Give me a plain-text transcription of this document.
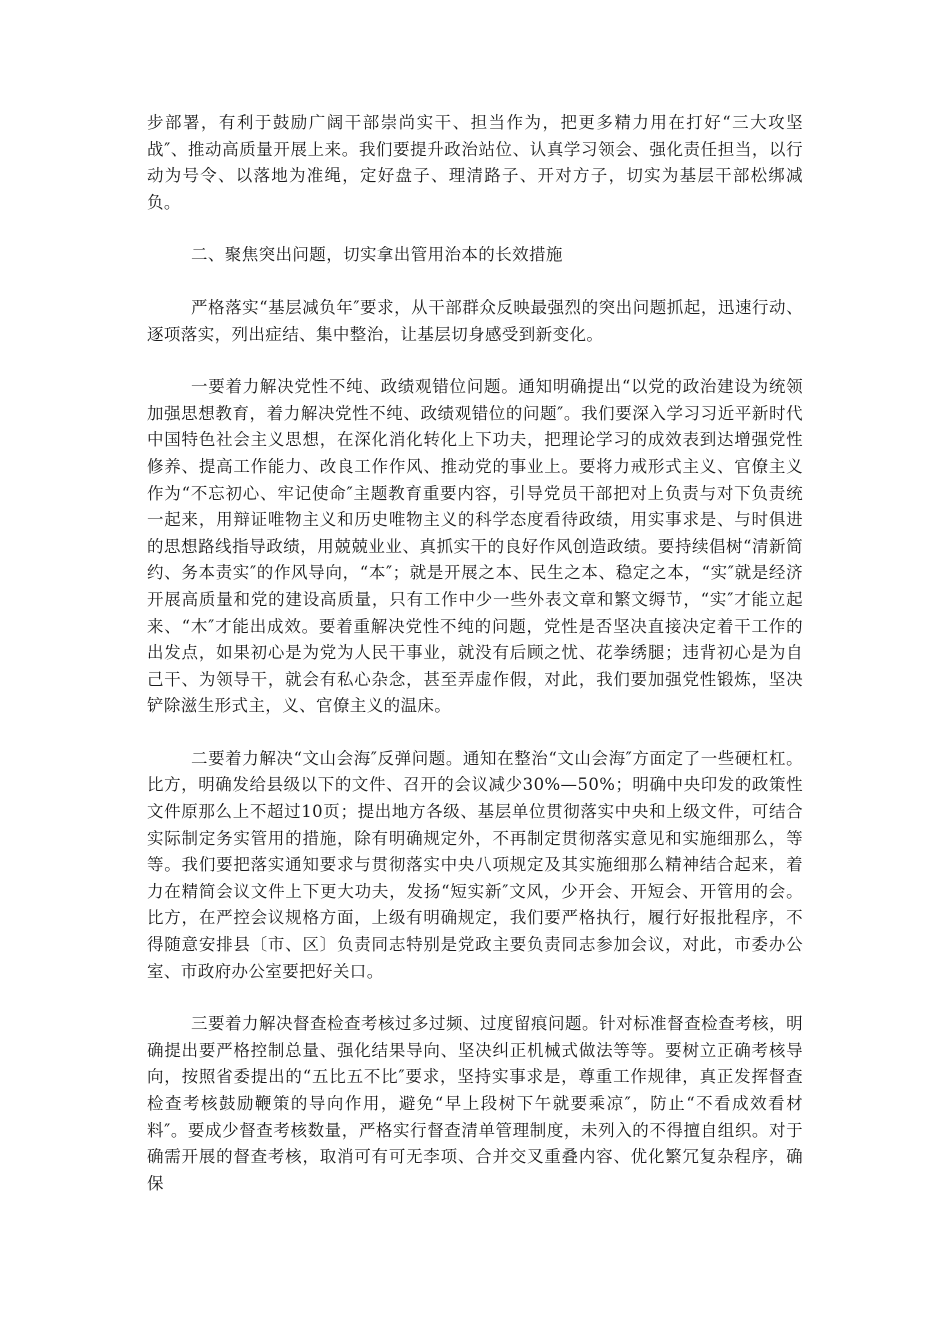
步部署，有利于鼓励广阔干部崇尚实干、担当作为，把更多精力用在打好“三大攻坚战″、推动高质量开展上来。我们要提升政治站位、认真学习领会、强化责任担当，以行动为号令、以落地为准绳，定好盘子、理清路子、开对方子，切实为基层干部松绑减负。

二、聚焦突出问题，切实拿出管用治本的长效措施

严格落实“基层减负年″要求，从干部群众反映最强烈的突出问题抓起，迅速行动、逐项落实，列出症结、集中整治，让基层切身感受到新变化。

一要着力解决党性不纯、政绩观错位问题。通知明确提出“以党的政治建设为统领加强思想教育，着力解决党性不纯、政绩观错位的问题″。我们要深入学习习近平新时代中国特色社会主义思想，在深化消化转化上下功夫，把理论学习的成效表到达增强党性修养、提高工作能力、改良工作作风、推动党的事业上。要将力戒形式主义、官僚主义作为“不忘初心、牢记使命″主题教育重要内容，引导党员干部把对上负责与对下负责统一起来，用辩证唯物主义和历史唯物主义的科学态度看待政绩，用实事求是、与时俱进的思想路线指导政绩，用兢兢业业、真抓实干的良好作风创造政绩。要持续倡树“清新简约、务本责实″的作风导向，“本″；就是开展之本、民生之本、稳定之本，“实″就是经济开展高质量和党的建设高质量，只有工作中少一些外表文章和繁文缛节，“实″才能立起来、“木″才能出成效。要着重解决党性不纯的问题，党性是否坚决直接决定着干工作的出发点，如果初心是为党为人民干事业，就没有后顾之忧、花拳绣腿；违背初心是为自己干、为领导干，就会有私心杂念，甚至弄虚作假，对此，我们要加强党性锻炼，坚决铲除滋生形式主，义、官僚主义的温床。

二要着力解决“文山会海″反弹问题。通知在整治“文山会海″方面定了一些硬杠杠。比方，明确发给县级以下的文件、召开的会议减少30%—50%；明确中央印发的政策性文件原那么上不超过10页；提出地方各级、基层单位贯彻落实中央和上级文件，可结合实际制定务实管用的措施，除有明确规定外，不再制定贯彻落实意见和实施细那么，等等。我们要把落实通知要求与贯彻落实中央八项规定及其实施细那么精神结合起来，着力在精简会议文件上下更大功夫，发扬“短实新″文风，少开会、开短会、开管用的会。比方，在严控会议规格方面，上级有明确规定，我们要严格执行，履行好报批程序，不得随意安排县〔市、区〕负责同志特别是党政主要负责同志参加会议，对此，市委办公室、市政府办公室要把好关口。

三要着力解决督查检查考核过多过频、过度留痕问题。针对标准督查检查考核，明确提出要严格控制总量、强化结果导向、坚决纠正机械式做法等等。要树立正确考核导向，按照省委提出的“五比五不比″要求，坚持实事求是，尊重工作规律，真正发挥督查检查考核鼓励鞭策的导向作用，避免“早上段树下午就要乘凉″，防止“不看成效看材料″。要成少督查考核数量，严格实行督查清单管理制度，未列入的不得擅自组织。对于确需开展的督查考核，取消可有可无李项、合并交叉重叠内容、优化繁冗复杂程序，确保
